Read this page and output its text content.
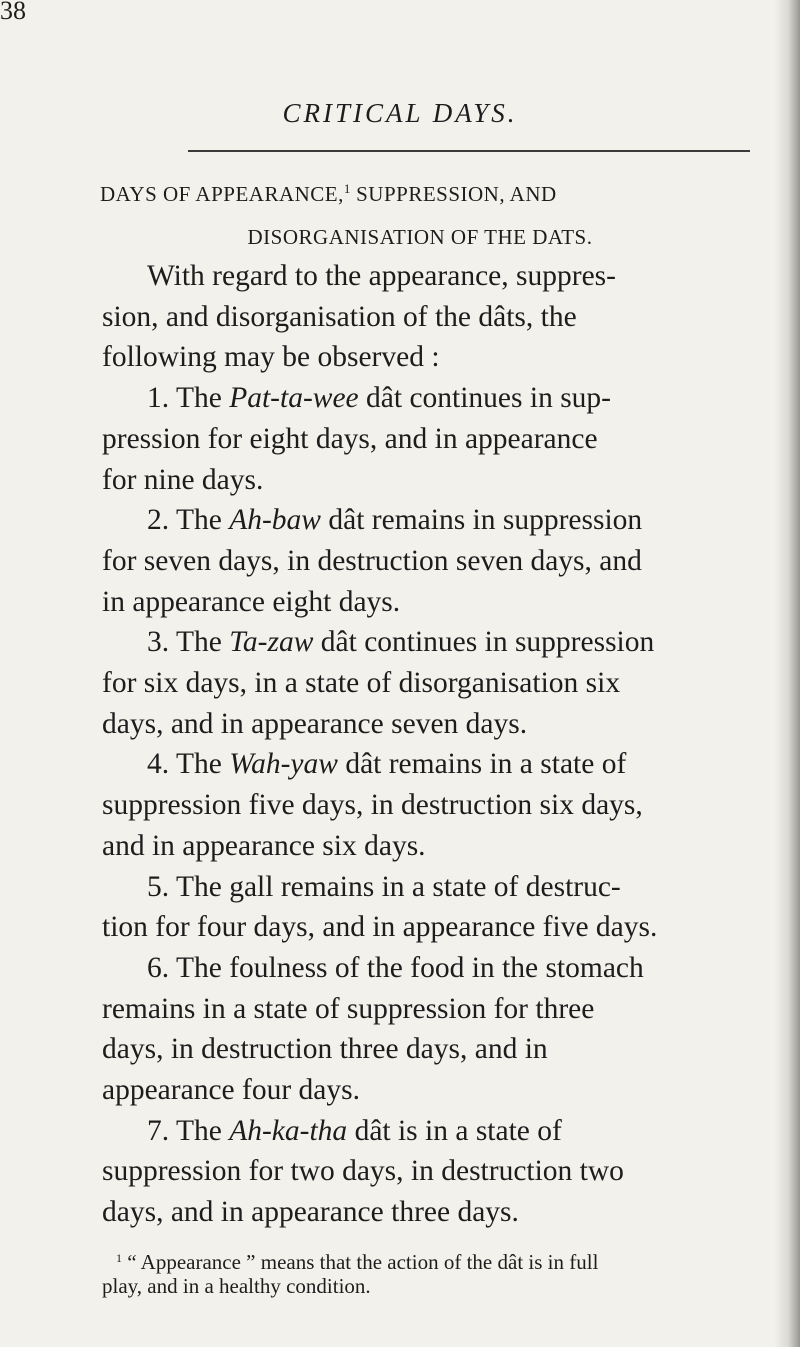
38
CRITICAL DAYS.
DAYS OF APPEARANCE,$^1$ SUPPRESSION, AND
DISORGANISATION OF THE DATS.
With regard to the appearance, suppres-
sion, and disorganisation of the dâts, the
following may be observed :
1. The Pat-ta-wee dât continues in sup-
pression for eight days, and in appearance
for nine days.
2. The Ah-baw dât remains in suppression
for seven days, in destruction seven days, and
in appearance eight days.
3. The Ta-zaw dât continues in suppression
for six days, in a state of disorganisation six
days, and in appearance seven days.
4. The Wah-yaw dât remains in a state of
suppression five days, in destruction six days,
and in appearance six days.
5. The gall remains in a state of destruc-
tion for four days, and in appearance five days.
6. The foulness of the food in the stomach
remains in a state of suppression for three
days, in destruction three days, and in
appearance four days.
7. The Ah-ka-tha dât is in a state of
suppression for two days, in destruction two
days, and in appearance three days.
$^1$ “ Appearance ” means that the action of the dât is in full
play, and in a healthy condition.
